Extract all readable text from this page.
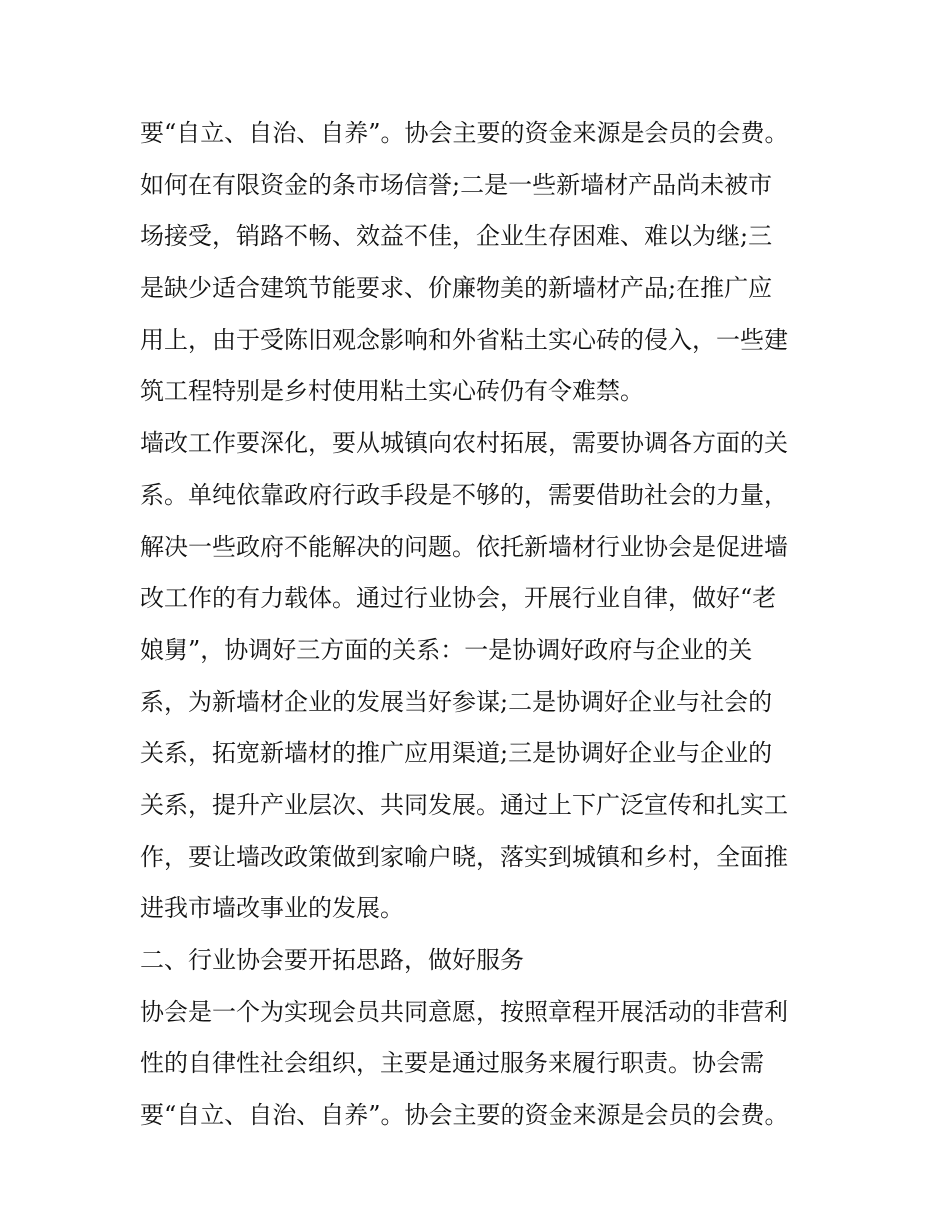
要“自立、自治、自养”。协会主要的资金来源是会员的会费。
如何在有限资金的条市场信誉;二是一些新墙材产品尚未被市
场接受，销路不畅、效益不佳，企业生存困难、难以为继;三
是缺少适合建筑节能要求、价廉物美的新墙材产品;在推广应
用上，由于受陈旧观念影响和外省粘土实心砖的侵入，一些建
筑工程特别是乡村使用粘土实心砖仍有令难禁。
墙改工作要深化，要从城镇向农村拓展，需要协调各方面的关
系。单纯依靠政府行政手段是不够的，需要借助社会的力量，
解决一些政府不能解决的问题。依托新墙材行业协会是促进墙
改工作的有力载体。通过行业协会，开展行业自律，做好“老
娘舅”，协调好三方面的关系：一是协调好政府与企业的关
系，为新墙材企业的发展当好参谋;二是协调好企业与社会的
关系，拓宽新墙材的推广应用渠道;三是协调好企业与企业的
关系，提升产业层次、共同发展。通过上下广泛宣传和扎实工
作，要让墙改政策做到家喻户晓，落实到城镇和乡村，全面推
进我市墙改事业的发展。
二、行业协会要开拓思路，做好服务
协会是一个为实现会员共同意愿，按照章程开展活动的非营利
性的自律性社会组织，主要是通过服务来履行职责。协会需
要“自立、自治、自养”。协会主要的资金来源是会员的会费。
